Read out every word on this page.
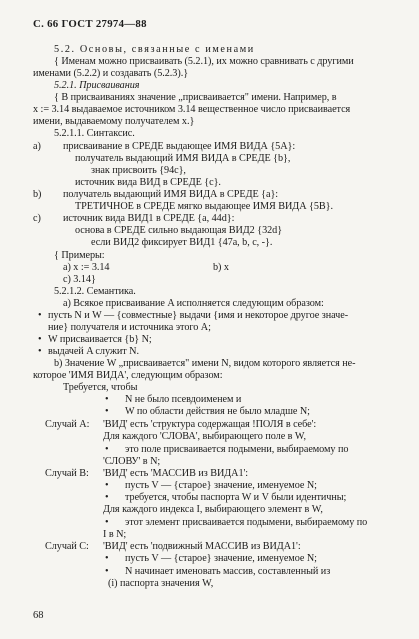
С. 66 ГОСТ 27974—88
5.2. Основы, связанные с именами
{ Именам можно присваивать (5.2.1), их можно сравнивать с другими
именами (5.2.2) и создавать (5.2.3).}
5.2.1. Присваивания
{ В присваиваниях значение „присваивается" имени. Например, в
x := 3.14 выдаваемое источником 3.14 вещественное число присваивается
имени, выдаваемому получателем x.}
5.2.1.1. Синтаксис.
a) присваивание в СРЕДЕ выдающее ИМЯ ВИДА {5A}:
получатель выдающий ИМЯ ВИДА в СРЕДЕ {b},
знак присвоить {94c},
источник вида ВИД в СРЕДЕ {c}.
b) получатель выдающий ИМЯ ВИДА в СРЕДЕ {a}:
ТРЕТИЧНОЕ в СРЕДЕ мягко выдающее ИМЯ ВИДА {5B}.
c) источник вида ВИД1 в СРЕДЕ {a, 44d}:
основа в СРЕДЕ сильно выдающая ВИД2 {32d}
если ВИД2 фиксирует ВИД1 {47a, b, c, -}.
{ Примеры:
a) x := 3.14	b) x
c) 3.14}
5.2.1.2. Семантика.
a) Всякое присваивание A исполняется следующим образом:
• пусть N и W — {совместные} выдачи {имя и некоторое другое значе-
ние} получателя и источника этого A;
• W присваивается {b} N;
• выдачей A служит N.
b) Значение W „присваивается" имени N, видом которого является не-
которое 'ИМЯ ВИДА', следующим образом:
Требуется, чтобы
• N не было псевдоименем и
• W по области действия не было младше N;
Случай A: 'ВИД' есть 'структура содержащая !ПОЛЯ в себе':
Для каждого 'СЛОВА', выбирающего поле в W,
• это поле присваивается подымени, выбираемому по
'СЛОВУ' в N;
Случай B: 'ВИД' есть 'МАССИВ из ВИДА1':
• пусть V — {старое} значение, именуемое N;
• требуется, чтобы паспорта W и V были идентичны;
Для каждого индекса I, выбирающего элемент в W,
• этот элемент присваивается подымени, выбираемому по
I в N;
Случай C: 'ВИД' есть 'подвижный МАССИВ из ВИДА1':
• пусть V — {старое} значение, именуемое N;
• N начинает именовать массив, составленный из
(i) паспорта значения W,
68
